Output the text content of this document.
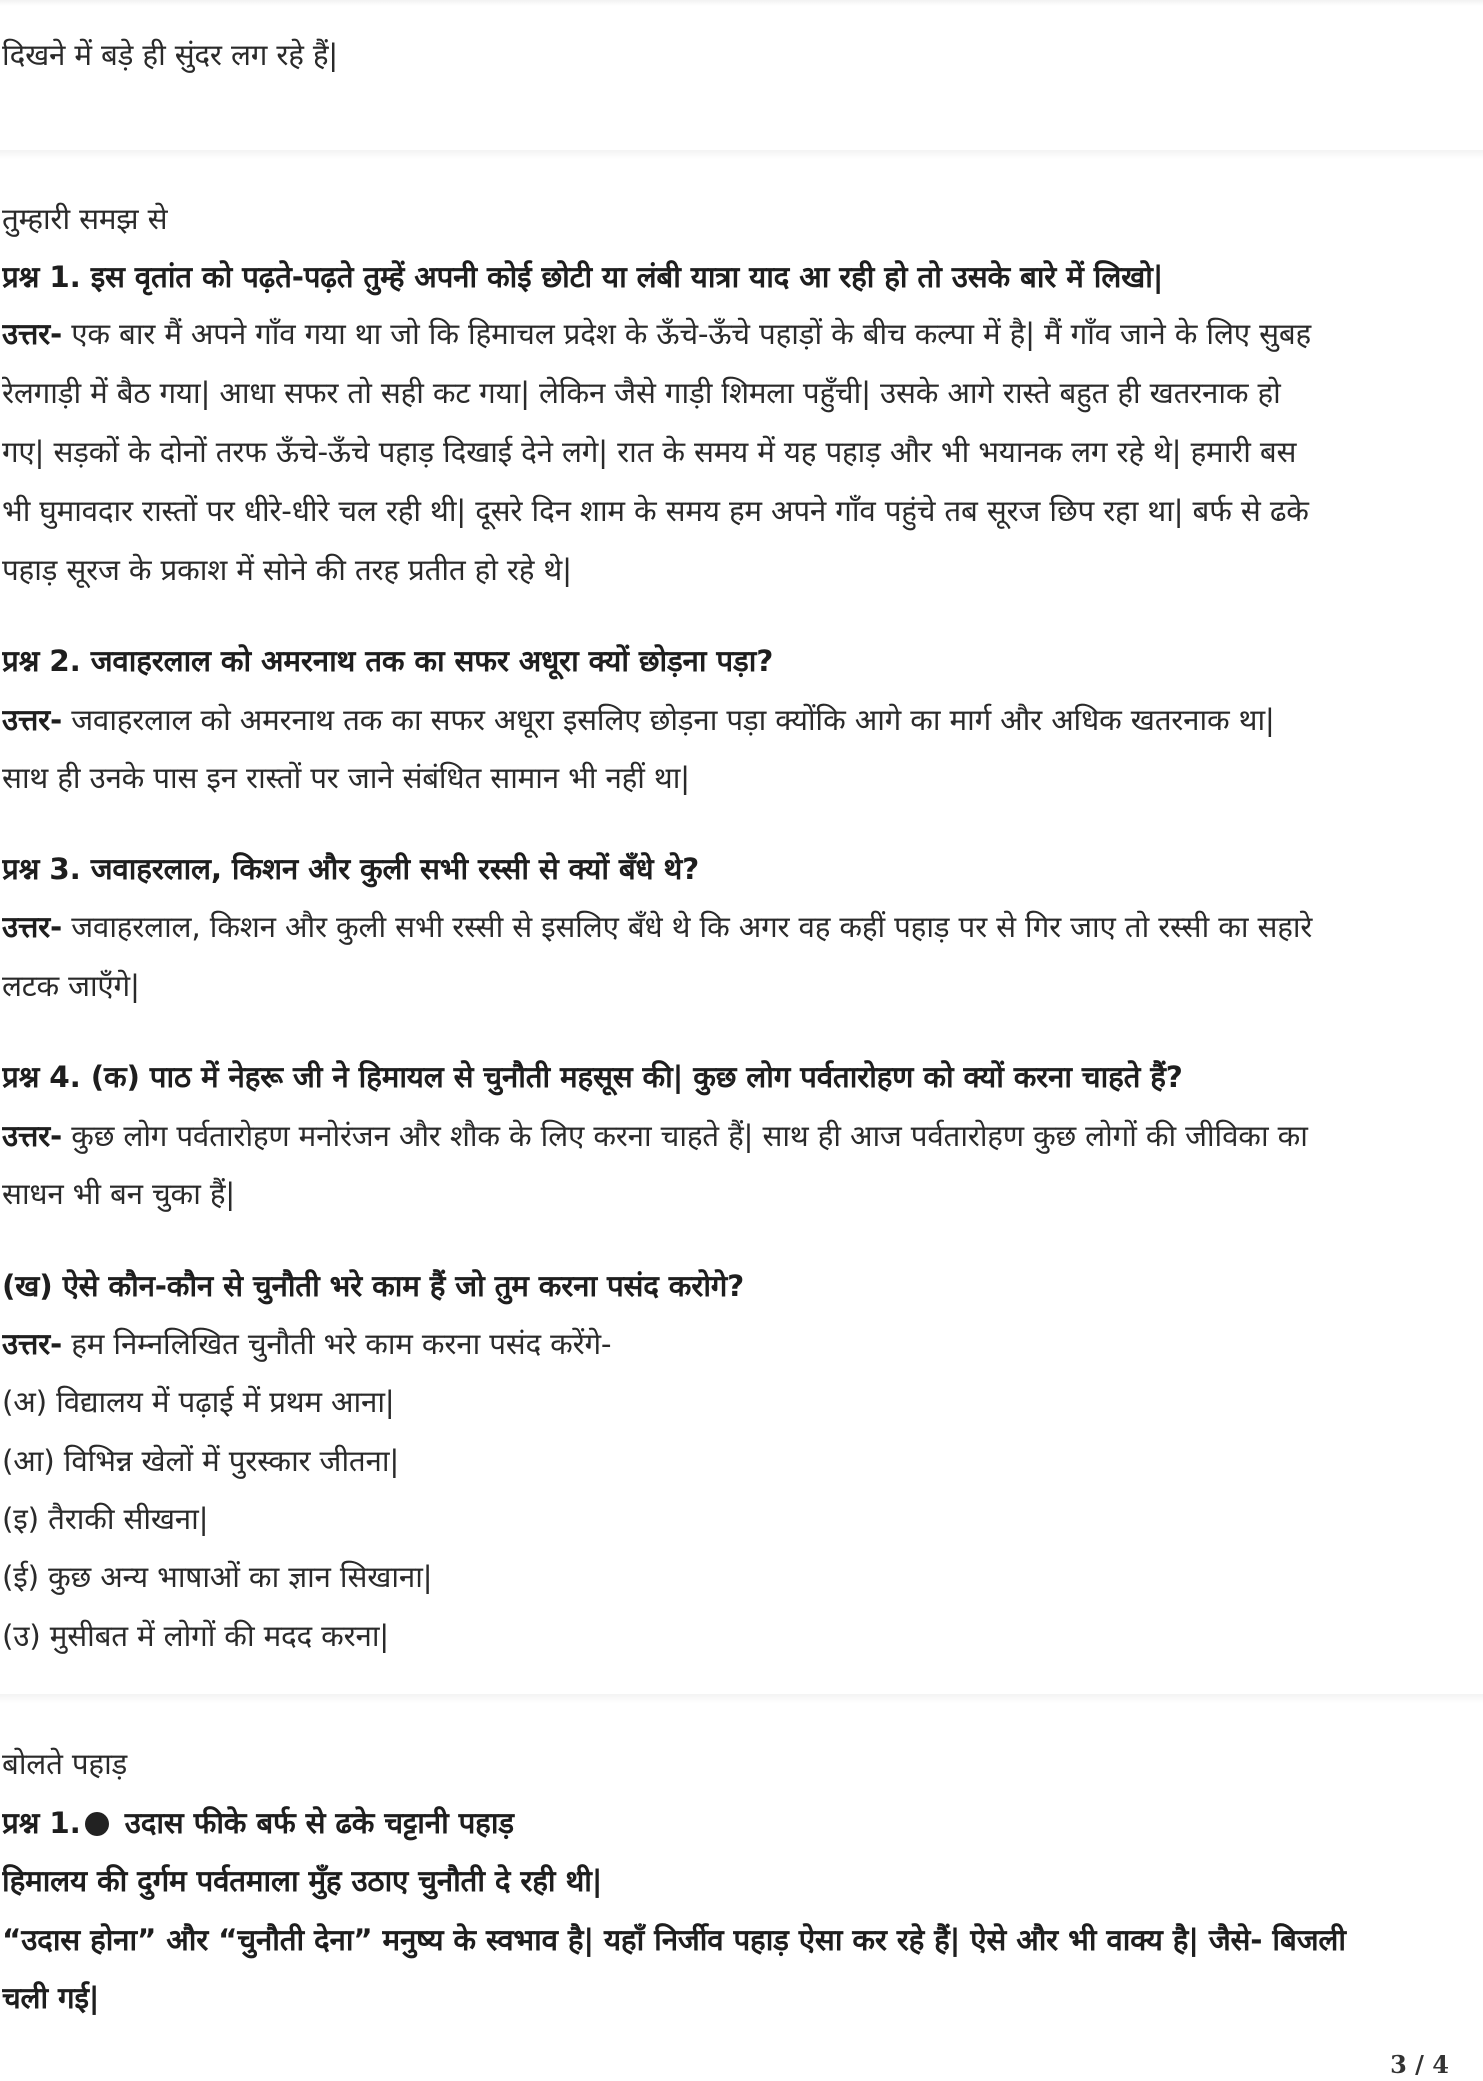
दिखने में बड़े ही सुंदर लग रहे हैं|
तुम्हारी समझ से
प्रश्न 1. इस वृतांत को पढ़ते-पढ़ते तुम्हें अपनी कोई छोटी या लंबी यात्रा याद आ रही हो तो उसके बारे में लिखो|
उत्तर- एक बार मैं अपने गाँव गया था जो कि हिमाचल प्रदेश के ऊँचे-ऊँचे पहाड़ों के बीच कल्पा में है| मैं गाँव जाने के लिए सुबह
रेलगाड़ी में बैठ गया| आधा सफर तो सही कट गया| लेकिन जैसे गाड़ी शिमला पहुँची| उसके आगे रास्ते बहुत ही खतरनाक हो
गए| सड़कों के दोनों तरफ ऊँचे-ऊँचे पहाड़ दिखाई देने लगे| रात के समय में यह पहाड़ और भी भयानक लग रहे थे| हमारी बस
भी घुमावदार रास्तों पर धीरे-धीरे चल रही थी| दूसरे दिन शाम के समय हम अपने गाँव पहुंचे तब सूरज छिप रहा था| बर्फ से ढके
पहाड़ सूरज के प्रकाश में सोने की तरह प्रतीत हो रहे थे|
प्रश्न 2. जवाहरलाल को अमरनाथ तक का सफर अधूरा क्यों छोड़ना पड़ा?
उत्तर- जवाहरलाल को अमरनाथ तक का सफर अधूरा इसलिए छोड़ना पड़ा क्योंकि आगे का मार्ग और अधिक खतरनाक था|
साथ ही उनके पास इन रास्तों पर जाने संबंधित सामान भी नहीं था|
प्रश्न 3. जवाहरलाल, किशन और कुली सभी रस्सी से क्यों बँधे थे?
उत्तर- जवाहरलाल, किशन और कुली सभी रस्सी से इसलिए बँधे थे कि अगर वह कहीं पहाड़ पर से गिर जाए तो रस्सी का सहारे
लटक जाएँगे|
प्रश्न 4. (क) पाठ में नेहरू जी ने हिमायल से चुनौती महसूस की| कुछ लोग पर्वतारोहण को क्यों करना चाहते हैं?
उत्तर- कुछ लोग पर्वतारोहण मनोरंजन और शौक के लिए करना चाहते हैं| साथ ही आज पर्वतारोहण कुछ लोगों की जीविका का
साधन भी बन चुका हैं|
(ख) ऐसे कौन-कौन से चुनौती भरे काम हैं जो तुम करना पसंद करोगे?
उत्तर- हम निम्नलिखित चुनौती भरे काम करना पसंद करेंगे-
(अ) विद्यालय में पढ़ाई में प्रथम आना|
(आ) विभिन्न खेलों में पुरस्कार जीतना|
(इ) तैराकी सीखना|
(ई) कुछ अन्य भाषाओं का ज्ञान सिखाना|
(उ) मुसीबत में लोगों की मदद करना|
बोलते पहाड़
प्रश्न 1. उदास फीके बर्फ से ढके चट्टानी पहाड़
हिमालय की दुर्गम पर्वतमाला मुँह उठाए चुनौती दे रही थी|
“उदास होना” और “चुनौती देना” मनुष्य के स्वभाव है| यहाँ निर्जीव पहाड़ ऐसा कर रहे हैं| ऐसे और भी वाक्य है| जैसे- बिजली
चली गई|
3 / 4
